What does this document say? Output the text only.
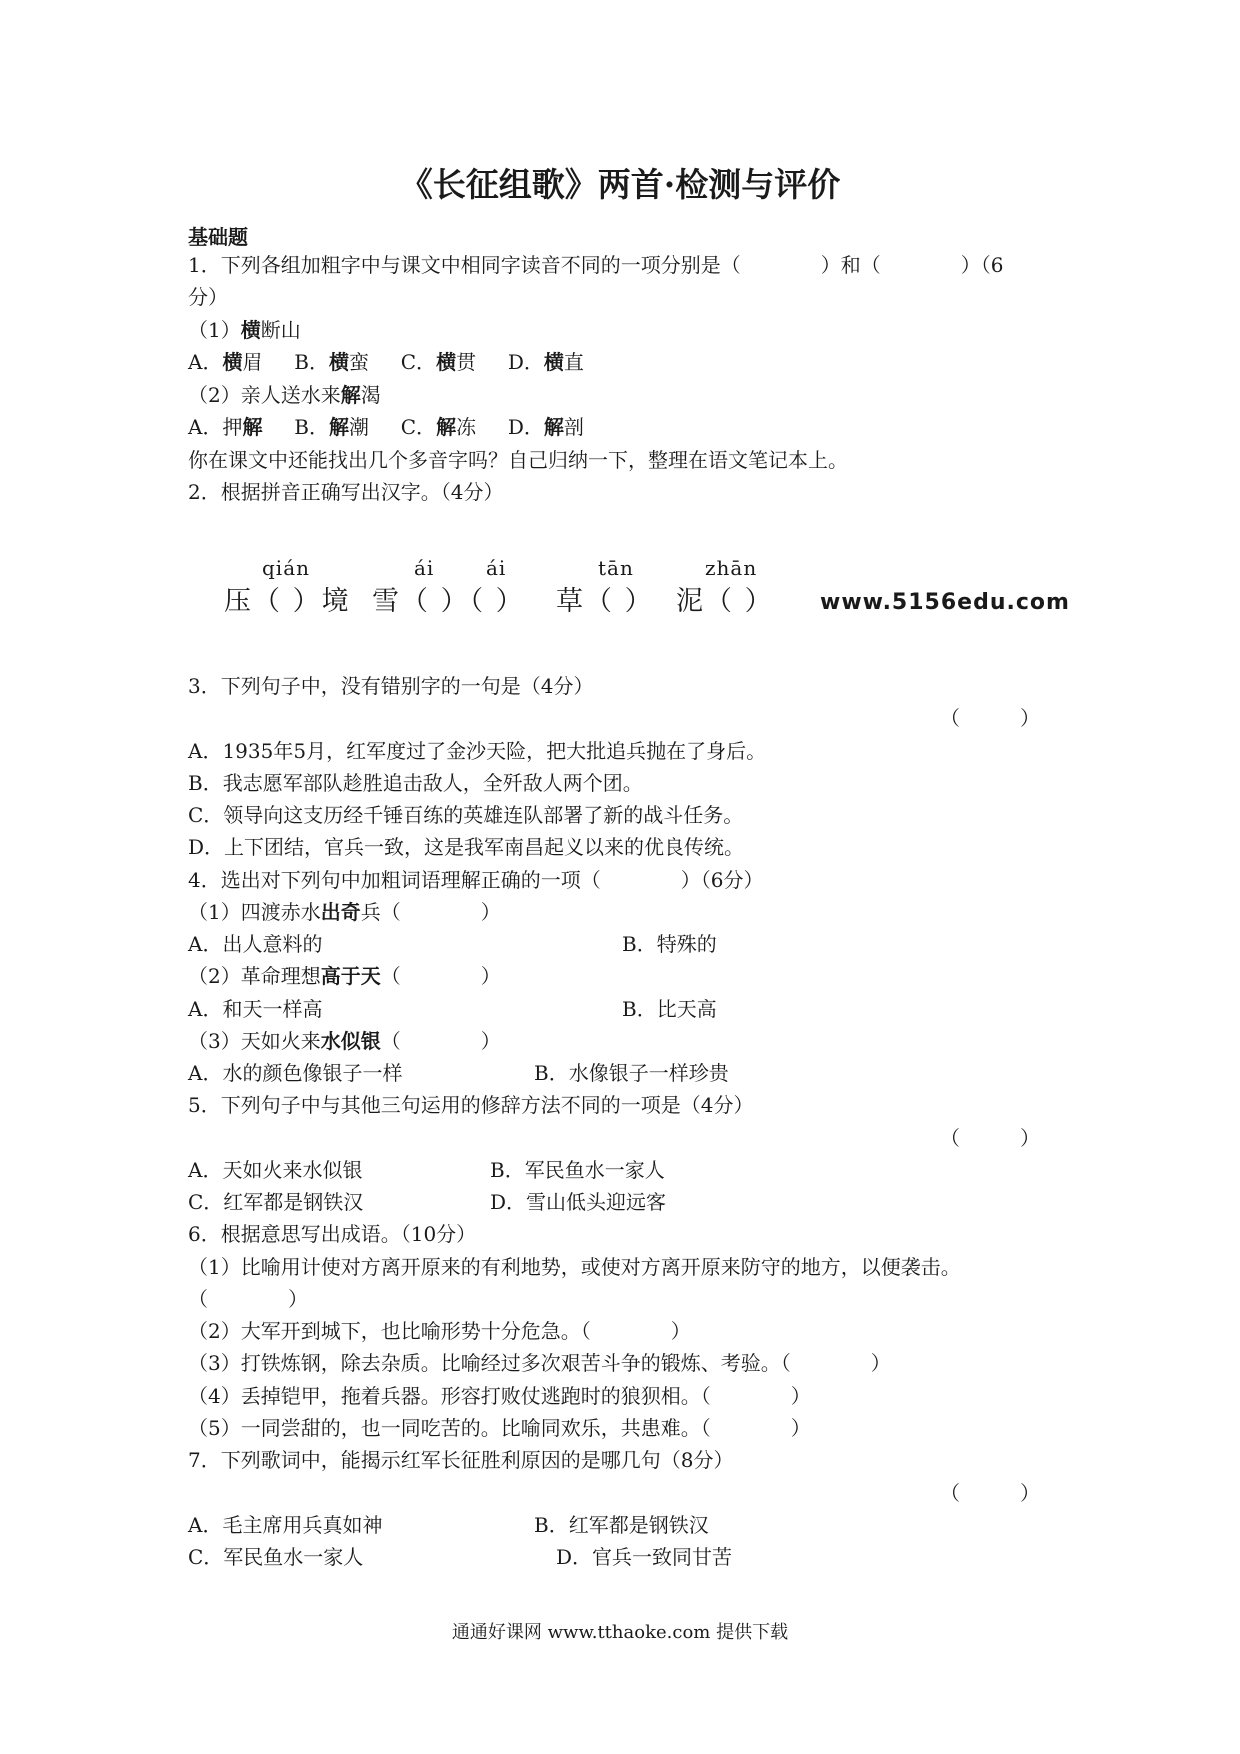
《长征组歌》两首·检测与评价
基础题
1．下列各组加粗字中与课文中相同字读音不同的一项分别是（　　　　）和（　　　　）（6
分）
（1）横断山
A．横眉 B．横蛮 C．横贯 D．横直
（2）亲人送水来解渴
A．押解 B．解潮 C．解冻 D．解剖
你在课文中还能找出几个多音字吗？自己归纳一下，整理在语文笔记本上。
2．根据拼音正确写出汉字。（4分）
qián	ái	ái	tān	zhān
压（ ）境 雪（ ）（ ） 草（ ） 泥（ ） www.5156edu.com
3．下列句子中，没有错别字的一句是（4分）
（　　　）
A．1935年5月，红军度过了金沙天险，把大批追兵抛在了身后。
B．我志愿军部队趁胜追击敌人，全歼敌人两个团。
C．领导向这支历经千锤百练的英雄连队部署了新的战斗任务。
D．上下团结，官兵一致，这是我军南昌起义以来的优良传统。
4．选出对下列句中加粗词语理解正确的一项（　　　　）（6分）
（1）四渡赤水出奇兵（　　　　）
A．出人意料的	B．特殊的
（2）革命理想高于天（　　　　）
A．和天一样高	B．比天高
（3）天如火来水似银（　　　　）
A．水的颜色像银子一样	B．水像银子一样珍贵
5．下列句子中与其他三句运用的修辞方法不同的一项是（4分）
（　　　）
A．天如火来水似银	B．军民鱼水一家人
C．红军都是钢铁汉	D．雪山低头迎远客
6．根据意思写出成语。（10分）
（1）比喻用计使对方离开原来的有利地势，或使对方离开原来防守的地方，以便袭击。
（　　　　）
（2）大军开到城下，也比喻形势十分危急。（　　　　）
（3）打铁炼钢，除去杂质。比喻经过多次艰苦斗争的锻炼、考验。（　　　　）
（4）丢掉铠甲，拖着兵器。形容打败仗逃跑时的狼狈相。（　　　　）
（5）一同尝甜的，也一同吃苦的。比喻同欢乐，共患难。（　　　　）
7．下列歌词中，能揭示红军长征胜利原因的是哪几句（8分）
（　　　）
A．毛主席用兵真如神	B．红军都是钢铁汉
C．军民鱼水一家人	D．官兵一致同甘苦
通通好课网 www.tthaoke.com 提供下载
